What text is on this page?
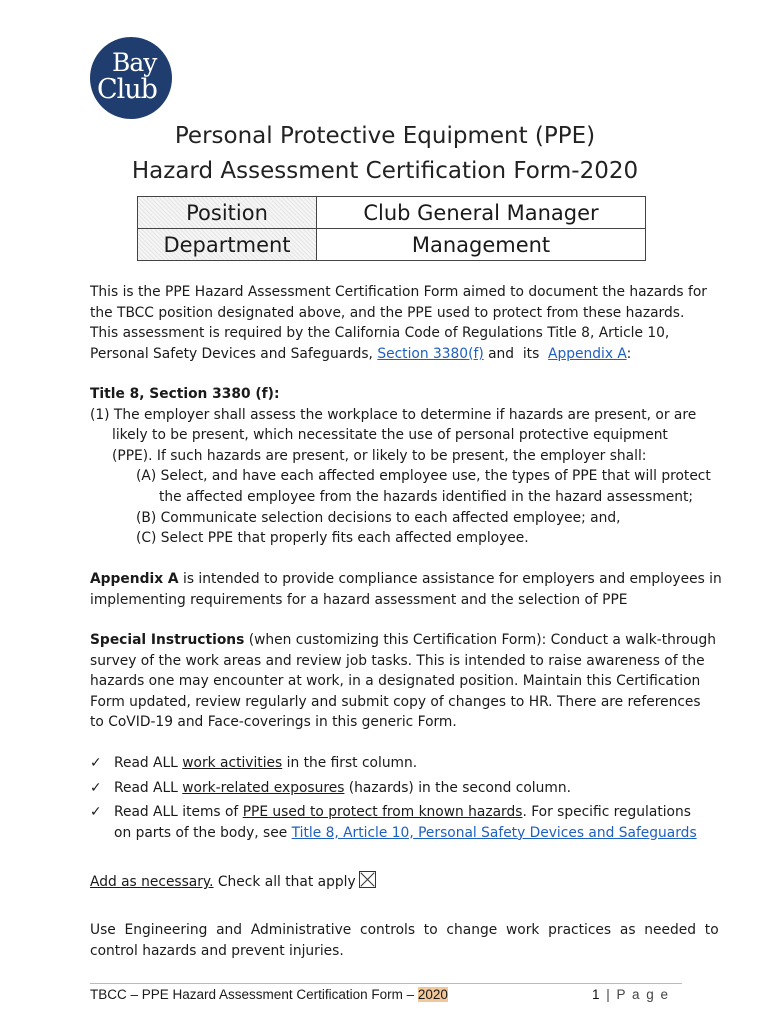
Bay
Club
Personal Protective Equipment (PPE)
Hazard Assessment Certification Form-2020
Position	Club General Manager
Department	Management
This is the PPE Hazard Assessment Certification Form aimed to document the hazards for
the TBCC position designated above, and the PPE used to protect from these hazards.
This assessment is required by the California Code of Regulations Title 8, Article 10,
Personal Safety Devices and Safeguards, Section 3380(f) and  its  Appendix A:
Title 8, Section 3380 (f):
(1) The employer shall assess the workplace to determine if hazards are present, or are
likely to be present, which necessitate the use of personal protective equipment
(PPE). If such hazards are present, or likely to be present, the employer shall:
(A) Select, and have each affected employee use, the types of PPE that will protect
the affected employee from the hazards identified in the hazard assessment;
(B) Communicate selection decisions to each affected employee; and,
(C) Select PPE that properly fits each affected employee.
Appendix A is intended to provide compliance assistance for employers and employees in
implementing requirements for a hazard assessment and the selection of PPE
Special Instructions (when customizing this Certification Form): Conduct a walk-through
survey of the work areas and review job tasks. This is intended to raise awareness of the
hazards one may encounter at work, in a designated position. Maintain this Certification
Form updated, review regularly and submit copy of changes to HR. There are references
to CoVID-19 and Face-coverings in this generic Form.
✓ Read ALL work activities in the first column.
✓ Read ALL work-related exposures (hazards) in the second column.
✓ Read ALL items of PPE used to protect from known hazards. For specific regulations
on parts of the body, see Title 8, Article 10, Personal Safety Devices and Safeguards
Add as necessary. Check all that apply
Use  Engineering  and  Administrative  controls  to  change  work  practices  as  needed  to
control hazards and prevent injuries.
TBCC – PPE Hazard Assessment Certification Form – 2020	1 | P a g e
